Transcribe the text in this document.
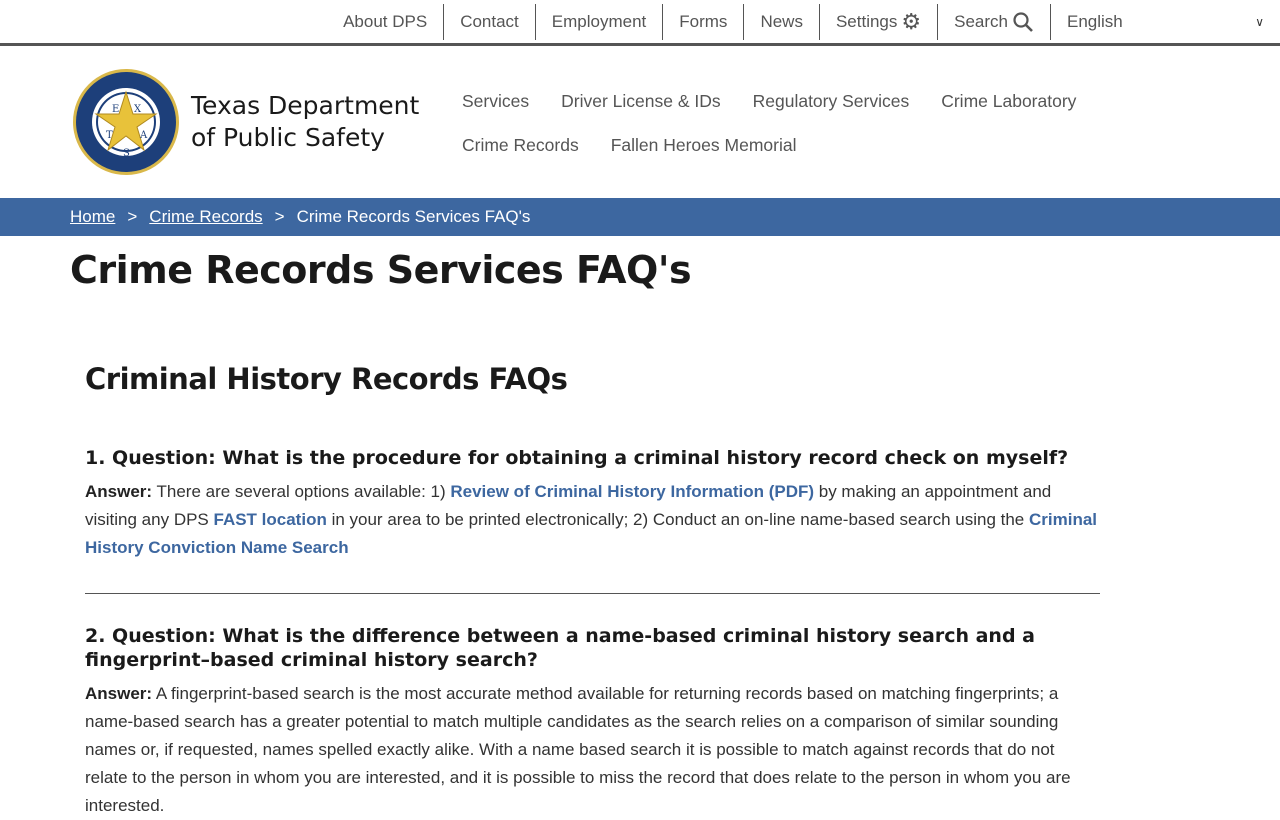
About DPS	Contact	Employment	Forms	News	Settings ⚙ Search	English	∨
E X
T	A
S
Texas Department
of Public Safety
Services	Driver License & IDs	Regulatory Services	Crime Laboratory
Crime Records	Fallen Heroes Memorial
Home > Crime Records > Crime Records Services FAQ's
Crime Records Services FAQ's
Criminal History Records FAQs
1. Question: What is the procedure for obtaining a criminal history record check on myself?

Answer: There are several options available: 1) Review of Criminal History Information (PDF) by making an appointment and visiting any DPS FAST location in your area to be printed electronically; 2) Conduct an on-line name-based search using the Criminal History Conviction Name Search

2. Question: What is the difference between a name-based criminal history search and a fingerprint–based criminal history search?

Answer: A fingerprint-based search is the most accurate method available for returning records based on matching fingerprints; a name-based search has a greater potential to match multiple candidates as the search relies on a comparison of similar sounding names or, if requested, names spelled exactly alike. With a name based search it is possible to match against records that do not relate to the person in whom you are interested, and it is possible to miss the record that does relate to the person in whom you are interested.
